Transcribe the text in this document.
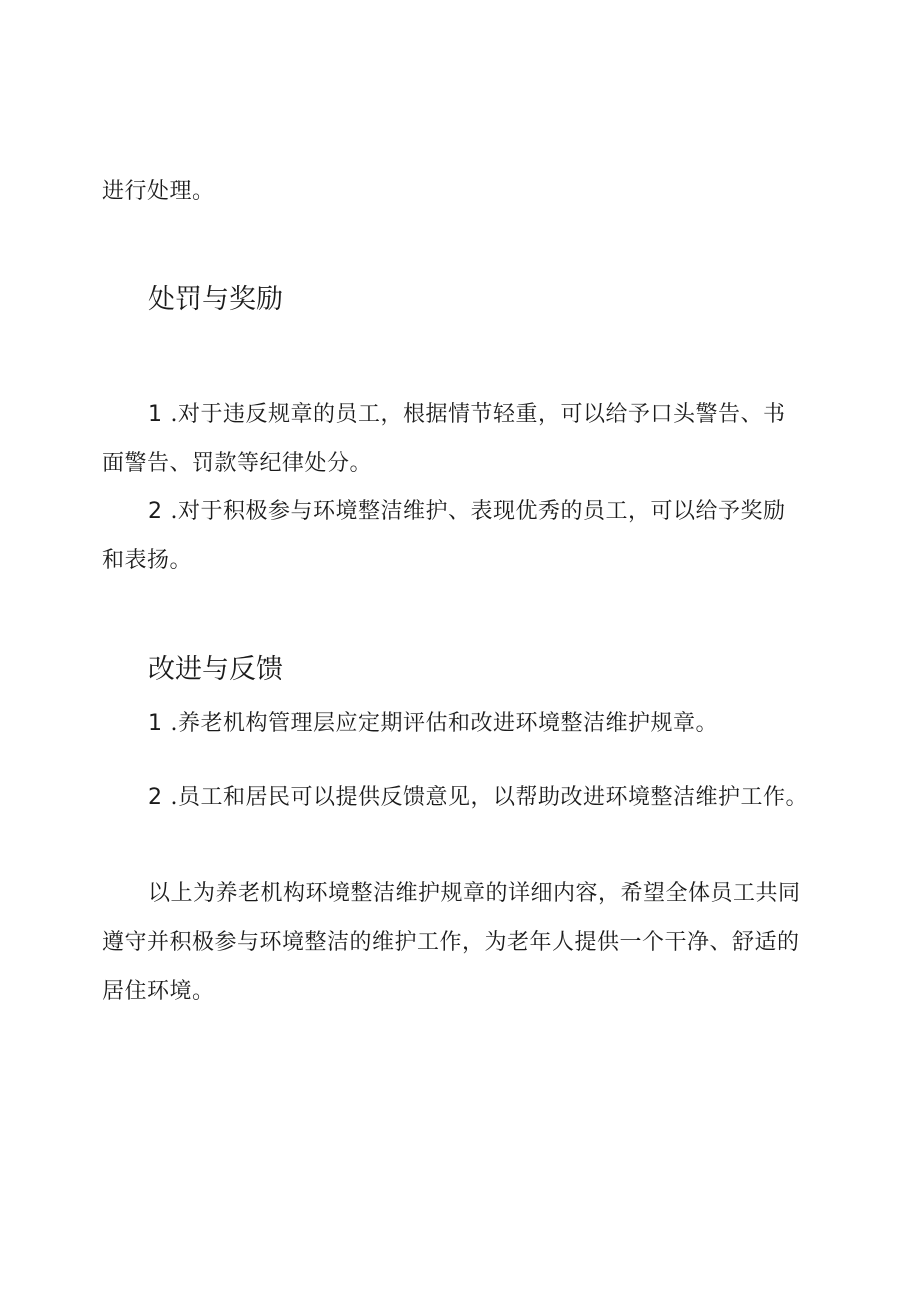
进行处理。

处罚与奖励

1 .对于违反规章的员工，根据情节轻重，可以给予口头警告、书

面警告、罚款等纪律处分。

2 .对于积极参与环境整洁维护、表现优秀的员工，可以给予奖励

和表扬。

改进与反馈

1 .养老机构管理层应定期评估和改进环境整洁维护规章。

2 .员工和居民可以提供反馈意见，以帮助改进环境整洁维护工作。

以上为养老机构环境整洁维护规章的详细内容，希望全体员工共同

遵守并积极参与环境整洁的维护工作，为老年人提供一个干净、舒适的

居住环境。
